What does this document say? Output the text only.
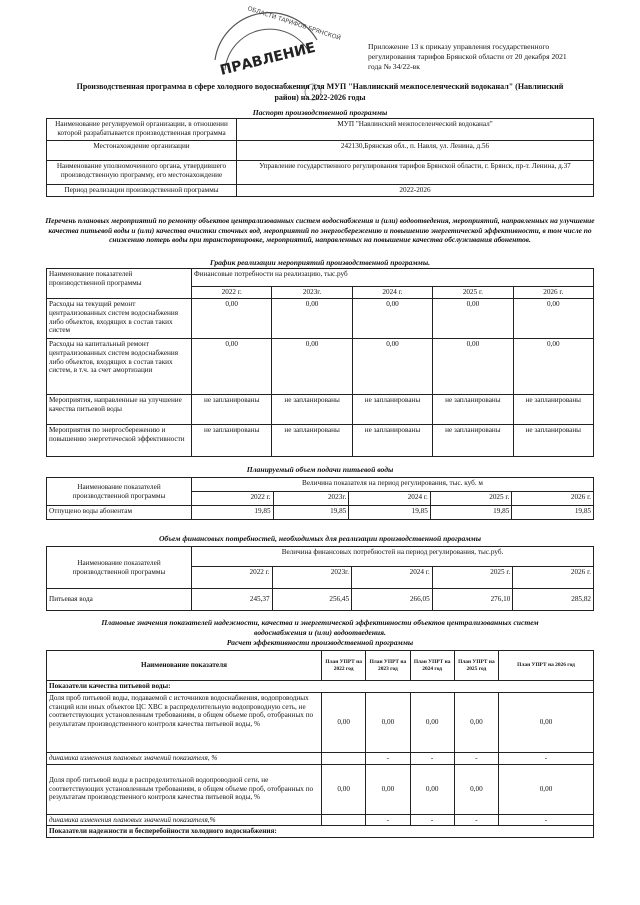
ПРАВЛЕНИЕ
ОБЛАСТИ ТАРИФОВ БРЯНСКОЙ
Приложение 13 к приказу управления государственного
регулирования тарифов Брянской области от 20 декабря 2021
года № 34/22-вк
Производственная программа в сфере холодного водоснабжения для МУП "Навлинский межпоселенческий водоканал" (Навлинский
район) на 2022-2026 годы
Паспорт производственной программы
Наименование регулируемой организации, в отношении которой разрабатывается производственная программа	МУП "Навлинский межпоселенческий водоканал"
Местонахождение организации	242130,Брянская обл., п. Навля, ул. Ленина, д.56
Наименование уполномоченного органа, утвердившего производственную программу, его местонахождение	Управление государственного регулирования тарифов Брянской области, г. Брянск, пр-т. Ленина, д.37
Период реализации производственной программы	2022-2026
Перечень плановых мероприятий по ремонту объектов централизованных систем водоснабжения и (или) водоотведения, мероприятий, направленных на улучшение качества питьевой воды и (или) качества очистки сточных вод, мероприятий по энергосбережению и повышению энергетической эффективности, в том числе по снижению потерь воды при транспортировке, мероприятий, направленных на повышение качества обслуживания абонентов.
График реализации мероприятий производственной программы.
Наименование показателей производственной программы	Финансовые потребности на реализацию, тыс.руб				
	2022 г.	2023г.	2024 г.	2025 г.	2026 г.
Расходы на текущий ремонт централизованных систем водоснабжения либо объектов, входящих в состав таких систем	0,00	0,00	0,00	0,00	0,00
Расходы на капитальный ремонт централизованных систем водоснабжения либо объектов, входящих в состав таких систем, в т.ч. за счет амортизации	0,00	0,00	0,00	0,00	0,00
Мероприятия, направленные на улучшение качества питьевой воды	не запланированы	не запланированы	не запланированы	не запланированы	не запланированы
Мероприятия по энергосбережению и повышению энергетической эффективности	не запланированы	не запланированы	не запланированы	не запланированы	не запланированы
Планируемый объем подачи питьевой воды
Наименование показателей производственной программы	Величина показателя на период регулирования, тыс. куб. м				
	2022 г.	2023г.	2024 г.	2025 г.	2026 г.
Отпущено воды абонентам	19,85	19,85	19,85	19,85	19,85
Объем финансовых потребностей, необходимых для реализации производственной программы
Наименование показателей производственной программы	Величина финансовых потребностей на период регулирования, тыс.руб.				
	2022 г.	2023г.	2024 г.	2025 г.	2026 г.
Питьевая вода	245,37	256,45	266,05	276,10	285,82
Плановые значения показателей надежности, качества и энергетической эффективности объектов централизованных систем
водоснабжения и (или) водоотведения.
Расчет эффективности производственной программы
Наименование показателя	План УПРТ на 2022 год	План УПРТ на 2023 год	План УПРТ на 2024 год	План УПРТ на 2025 год	План УПРТ на 2026 год
Показатели качества питьевой воды:					
Доля проб питьевой воды, подаваемой с источников водоснабжения, водопроводных станций или иных объектов ЦС ХВС в распределительную водопроводную сеть, не соответствующих установленным требованиям, в общем объеме проб, отобранных по результатам производственного контроля качества питьевой воды, %	0,00	0,00	0,00	0,00	0,00
динамика изменения плановых значений показателя, %		-	-	-	-
Доля проб питьевой воды в распределительной водопроводной сети, не соответствующих установленным требованиям, в общем объеме проб, отобранных по результатам производственного контроля качества питьевой воды, %	0,00	0,00	0,00	0,00	0,00
динамика изменения плановых значений показателя,%		-	-	-	-
Показатели надежности и бесперебойности холодного водоснабжения:					
